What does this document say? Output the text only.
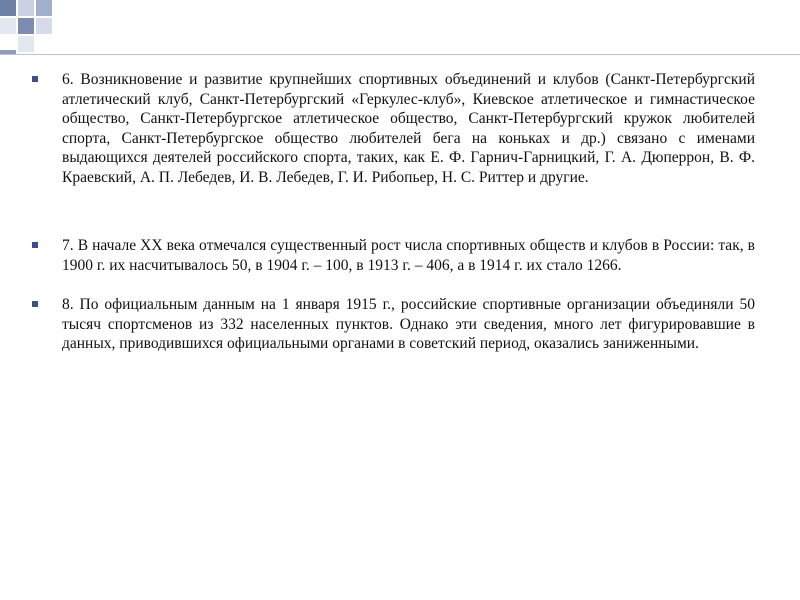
6. Возникновение и развитие крупнейших спортивных объединений и клубов (Санкт-Петербургский атлетический клуб, Санкт-Петербургский «Геркулес-клуб», Киевское атлетическое и гимнастическое общество, Санкт-Петербургское атлетическое общество, Санкт-Петербургский кружок любителей спорта, Санкт-Петербургское общество любителей бега на коньках и др.) связано с именами выдающихся деятелей российского спорта, таких, как Е. Ф. Гарнич-Гарницкий, Г. А. Дюперрон, В. Ф. Краевский, А. П. Лебедев, И. В. Лебедев, Г. И. Рибопьер, Н. С. Риттер и другие.
7. В начале XX века отмечался существенный рост числа спортивных обществ и клубов в России: так, в 1900 г. их насчитывалось 50, в 1904 г. – 100, в 1913 г. – 406, а в 1914 г. их стало 1266.
8. По официальным данным на 1 января 1915 г., российские спортивные организации объединяли 50 тысяч спортсменов из 332 населенных пунктов. Однако эти сведения, много лет фигурировавшие в данных, приводившихся официальными органами в советский период, оказались заниженными.
